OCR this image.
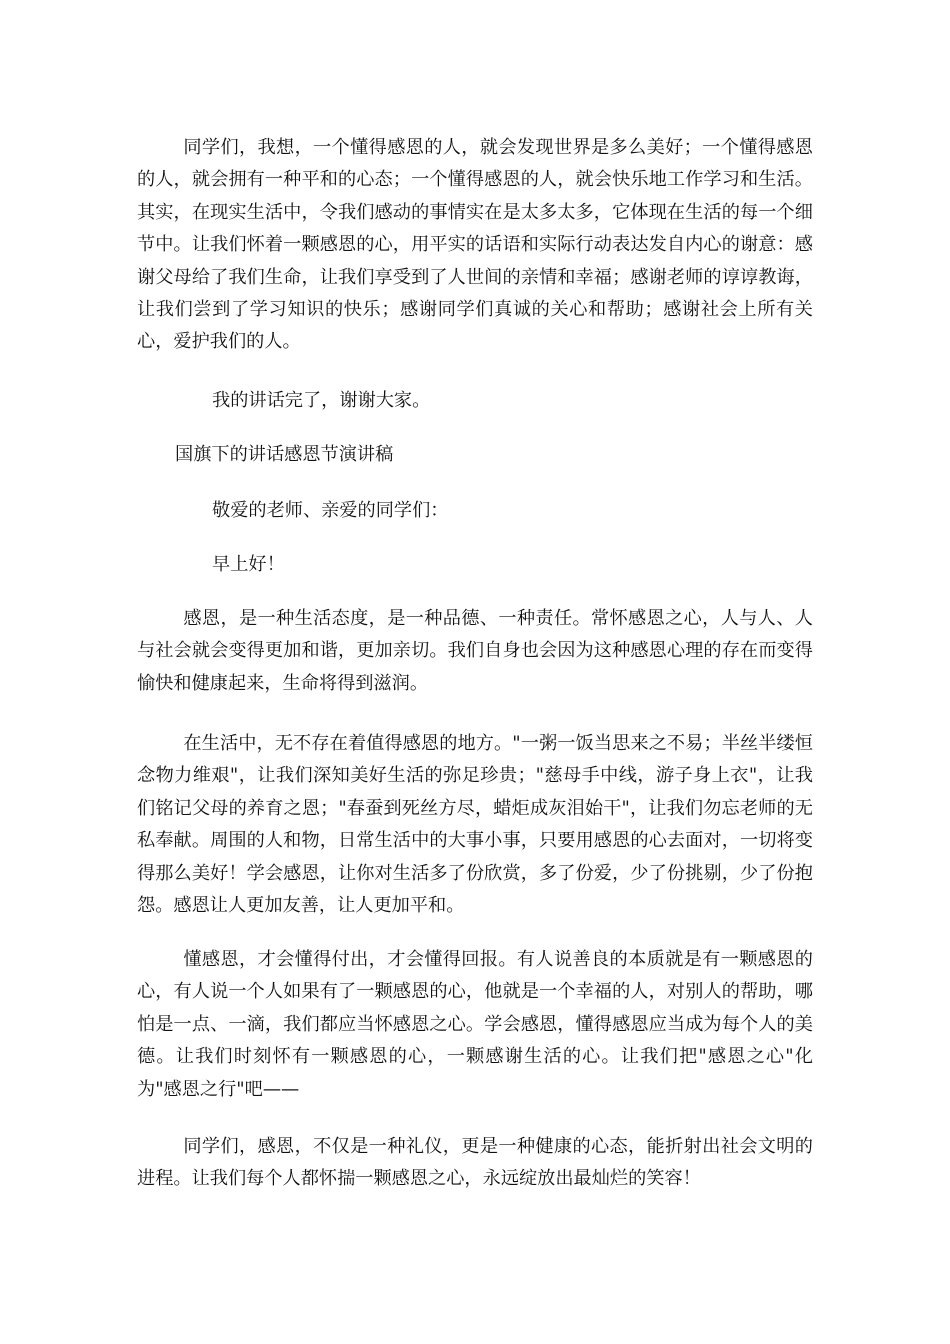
同学们，我想，一个懂得感恩的人，就会发现世界是多么美好；一个懂得感恩的人，就会拥有一种平和的心态；一个懂得感恩的人，就会快乐地工作学习和生活。其实，在现实生活中，令我们感动的事情实在是太多太多，它体现在生活的每一个细节中。让我们怀着一颗感恩的心，用平实的话语和实际行动表达发自内心的谢意：感谢父母给了我们生命，让我们享受到了人世间的亲情和幸福；感谢老师的谆谆教诲，让我们尝到了学习知识的快乐；感谢同学们真诚的关心和帮助；感谢社会上所有关心，爱护我们的人。

我的讲话完了，谢谢大家。

国旗下的讲话感恩节演讲稿

敬爱的老师、亲爱的同学们：

早上好！

感恩，是一种生活态度，是一种品德、一种责任。常怀感恩之心，人与人、人与社会就会变得更加和谐，更加亲切。我们自身也会因为这种感恩心理的存在而变得愉快和健康起来，生命将得到滋润。

在生活中，无不存在着值得感恩的地方。"一粥一饭当思来之不易；半丝半缕恒念物力维艰"，让我们深知美好生活的弥足珍贵；"慈母手中线，游子身上衣"，让我们铭记父母的养育之恩；"春蚕到死丝方尽，蜡炬成灰泪始干"，让我们勿忘老师的无私奉献。周围的人和物，日常生活中的大事小事，只要用感恩的心去面对，一切将变得那么美好！学会感恩，让你对生活多了份欣赏，多了份爱，少了份挑剔，少了份抱怨。感恩让人更加友善，让人更加平和。

懂感恩，才会懂得付出，才会懂得回报。有人说善良的本质就是有一颗感恩的心，有人说一个人如果有了一颗感恩的心，他就是一个幸福的人，对别人的帮助，哪怕是一点、一滴，我们都应当怀感恩之心。学会感恩，懂得感恩应当成为每个人的美德。让我们时刻怀有一颗感恩的心，一颗感谢生活的心。让我们把"感恩之心"化为"感恩之行"吧——

同学们，感恩，不仅是一种礼仪，更是一种健康的心态，能折射出社会文明的进程。让我们每个人都怀揣一颗感恩之心，永远绽放出最灿烂的笑容！
